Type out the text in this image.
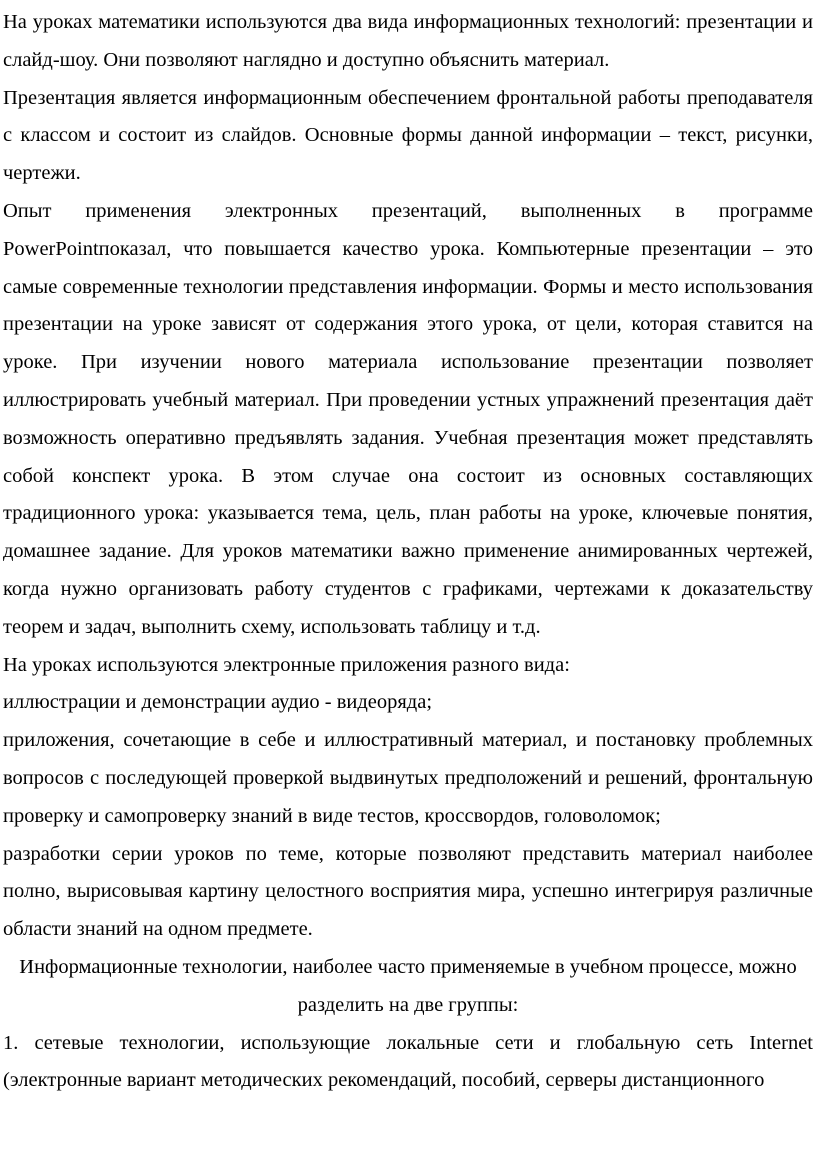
На уроках математики используются два вида информационных технологий: презентации и слайд-шоу. Они позволяют наглядно и доступно объяснить материал.

Презентация является информационным обеспечением фронтальной работы преподавателя с классом и состоит из слайдов. Основные формы данной информации – текст, рисунки, чертежи.

Опыт применения электронных презентаций, выполненных в программе PowerPointпоказал, что повышается качество урока. Компьютерные презентации – это самые современные технологии представления информации. Формы и место использования презентации на уроке зависят от содержания этого урока, от цели, которая ставится на уроке. При изучении нового материала использование презентации позволяет иллюстрировать учебный материал. При проведении устных упражнений презентация даёт возможность оперативно предъявлять задания. Учебная презентация может представлять собой конспект урока. В этом случае она состоит из основных составляющих традиционного урока: указывается тема, цель, план работы на уроке, ключевые понятия, домашнее задание. Для уроков математики важно применение анимированных чертежей, когда нужно организовать работу студентов с графиками, чертежами к доказательству теорем и задач, выполнить схему, использовать таблицу и т.д.

На уроках используются электронные приложения разного вида:

иллюстрации и демонстрации аудио - видеоряда;

приложения, сочетающие в себе и иллюстративный материал, и постановку проблемных вопросов с последующей проверкой выдвинутых предположений и решений, фронтальную проверку и самопроверку знаний в виде тестов, кроссвордов, головоломок;

разработки серии уроков по теме, которые позволяют представить материал наиболее полно, вырисовывая картину целостного восприятия мира, успешно интегрируя различные области знаний на одном предмете.

Информационные технологии, наиболее часто применяемые в учебном процессе, можно разделить на две группы:

1. сетевые технологии, использующие локальные сети и глобальную сеть Internet (электронные вариант методических рекомендаций, пособий, серверы дистанционного
